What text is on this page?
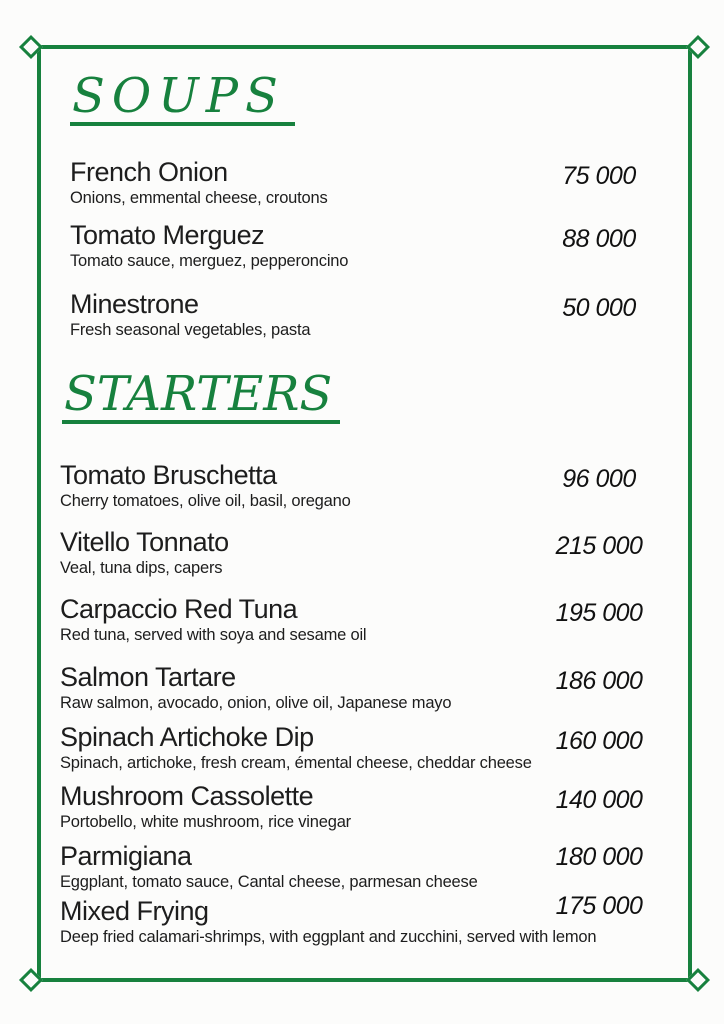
SOUPS
French Onion
Onions, emmental cheese, croutons
75 000
Tomato Merguez
Tomato sauce, merguez, pepperoncino
88 000
Minestrone
Fresh seasonal vegetables, pasta
50 000
STARTERS
Tomato Bruschetta
Cherry tomatoes, olive oil, basil, oregano
96 000
Vitello Tonnato
Veal, tuna dips, capers
215 000
Carpaccio Red Tuna
Red tuna, served with soya and sesame oil
195 000
Salmon Tartare
Raw salmon, avocado, onion, olive oil, Japanese mayo
186 000
Spinach Artichoke Dip
Spinach, artichoke, fresh cream, émental cheese, cheddar cheese
160 000
Mushroom Cassolette
Portobello, white mushroom, rice vinegar
140 000
Parmigiana
Eggplant, tomato sauce, Cantal cheese, parmesan cheese
180 000
Mixed Frying
Deep fried calamari-shrimps, with eggplant and zucchini, served with lemon
175 000
